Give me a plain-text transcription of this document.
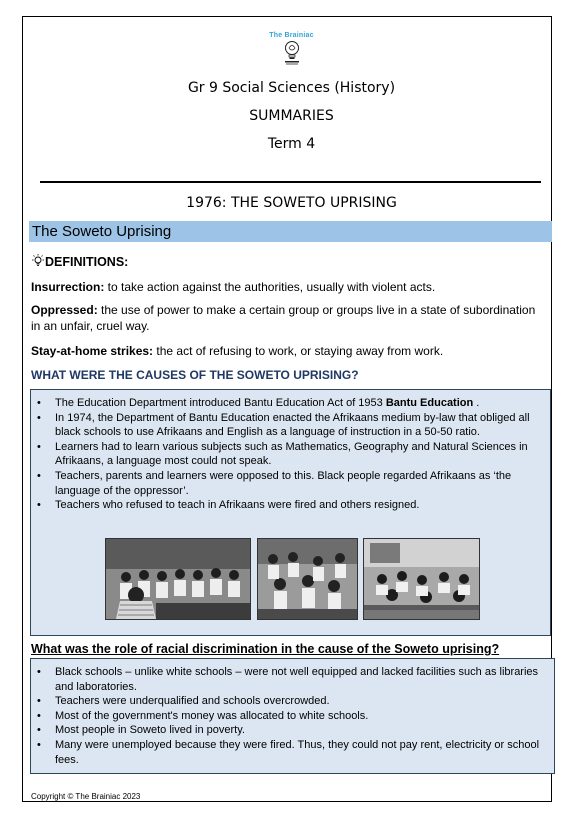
The Brainiac
Gr 9 Social Sciences (History)
SUMMARIES
Term 4
1976: THE SOWETO UPRISING
The Soweto Uprising
DEFINITIONS:
Insurrection: to take action against the authorities, usually with violent acts.
Oppressed: the use of power to make a certain group or groups live in a state of subordination in an unfair, cruel way.
Stay-at-home strikes: the act of refusing to work, or staying away from work.
WHAT WERE THE CAUSES OF THE SOWETO UPRISING?
• The Education Department introduced Bantu Education Act of 1953 Bantu Education .
• In 1974, the Department of Bantu Education enacted the Afrikaans medium by-law that obliged all black schools to use Afrikaans and English as a language of instruction in a 50-50 ratio.
• Learners had to learn various subjects such as Mathematics, Geography and Natural Sciences in Afrikaans, a language most could not speak.
• Teachers, parents and learners were opposed to this. Black people regarded Afrikaans as ‘the language of the oppressor’.
• Teachers who refused to teach in Afrikaans were fired and others resigned.
What was the role of racial discrimination in the cause of the Soweto uprising?
• Black schools – unlike white schools – were not well equipped and lacked facilities such as libraries and laboratories.
• Teachers were underqualified and schools overcrowded.
• Most of the government's money was allocated to white schools.
• Most people in Soweto lived in poverty.
• Many were unemployed because they were fired. Thus, they could not pay rent, electricity or school fees.
Copyright © The Brainiac 2023
